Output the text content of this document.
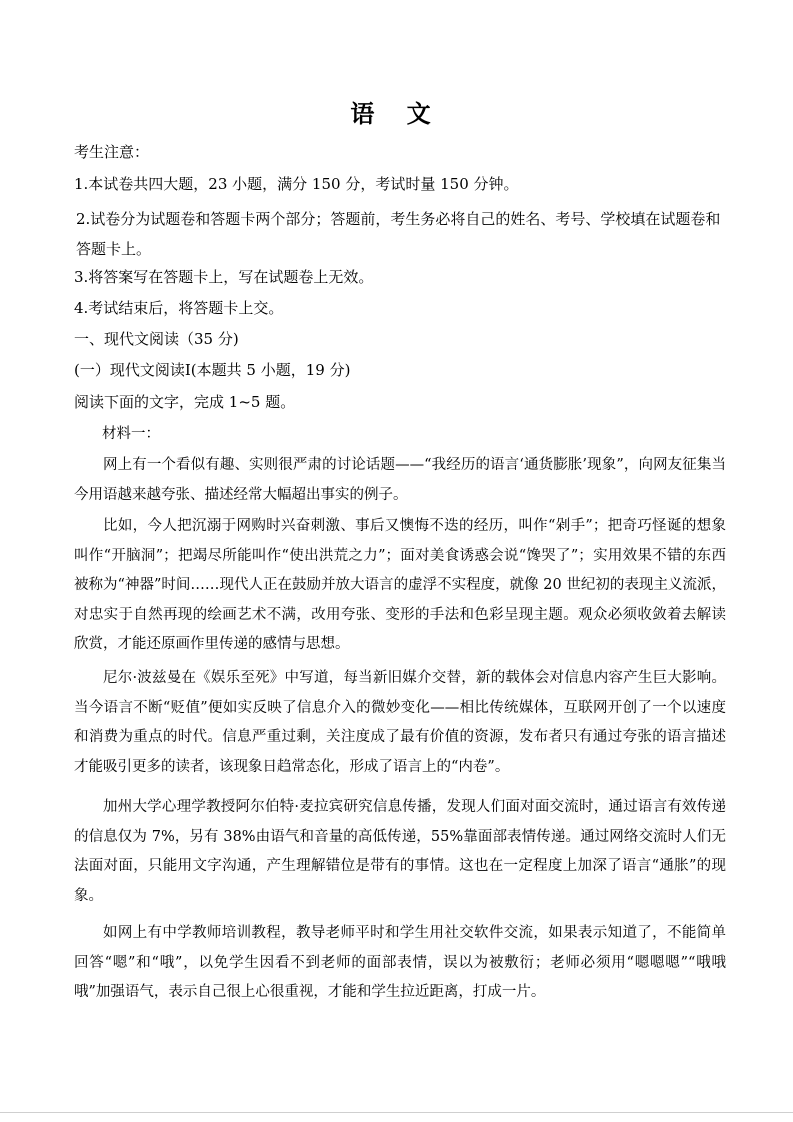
语 文
考生注意：
1.本试卷共四大题，23 小题，满分 150 分，考试时量 150 分钟。
2.试卷分为试题卷和答题卡两个部分；答题前，考生务必将自己的姓名、考号、学校填在试题卷和答题卡上。
3.将答案写在答题卡上，写在试题卷上无效。
4.考试结束后，将答题卡上交。
一、现代文阅读（35 分)
(一）现代文阅读Ⅰ(本题共 5 小题，19 分)
阅读下面的文字，完成 1~5 题。
材料一：
网上有一个看似有趣、实则很严肃的讨论话题——“我经历的语言‘通货膨胀’现象”，向网友征集当今用语越来越夸张、描述经常大幅超出事实的例子。
比如，今人把沉溺于网购时兴奋刺激、事后又懊悔不迭的经历，叫作“剁手”；把奇巧怪诞的想象叫作“开脑洞”；把竭尽所能叫作“使出洪荒之力”；面对美食诱惑会说“馋哭了”；实用效果不错的东西被称为“神器”时间……现代人正在鼓励并放大语言的虚浮不实程度，就像 20 世纪初的表现主义流派，对忠实于自然再现的绘画艺术不满，改用夸张、变形的手法和色彩呈现主题。观众必须收敛着去解读欣赏，才能还原画作里传递的感情与思想。
尼尔·波兹曼在《娱乐至死》中写道，每当新旧媒介交替，新的载体会对信息内容产生巨大影响。当今语言不断“贬值”便如实反映了信息介入的微妙变化——相比传统媒体，互联网开创了一个以速度和消费为重点的时代。信息严重过剩，关注度成了最有价值的资源，发布者只有通过夸张的语言描述才能吸引更多的读者，该现象日趋常态化，形成了语言上的“内卷”。
加州大学心理学教授阿尔伯特·麦拉宾研究信息传播，发现人们面对面交流时，通过语言有效传递的信息仅为 7%，另有 38%由语气和音量的高低传递，55%靠面部表情传递。通过网络交流时人们无法面对面，只能用文字沟通，产生理解错位是带有的事情。这也在一定程度上加深了语言“通胀”的现象。
如网上有中学教师培训教程，教导老师平时和学生用社交软件交流，如果表示知道了，不能简单回答“嗯”和“哦”，以免学生因看不到老师的面部表情，误以为被敷衍；老师必须用“嗯嗯嗯”“哦哦哦”加强语气，表示自己很上心很重视，才能和学生拉近距离，打成一片。
